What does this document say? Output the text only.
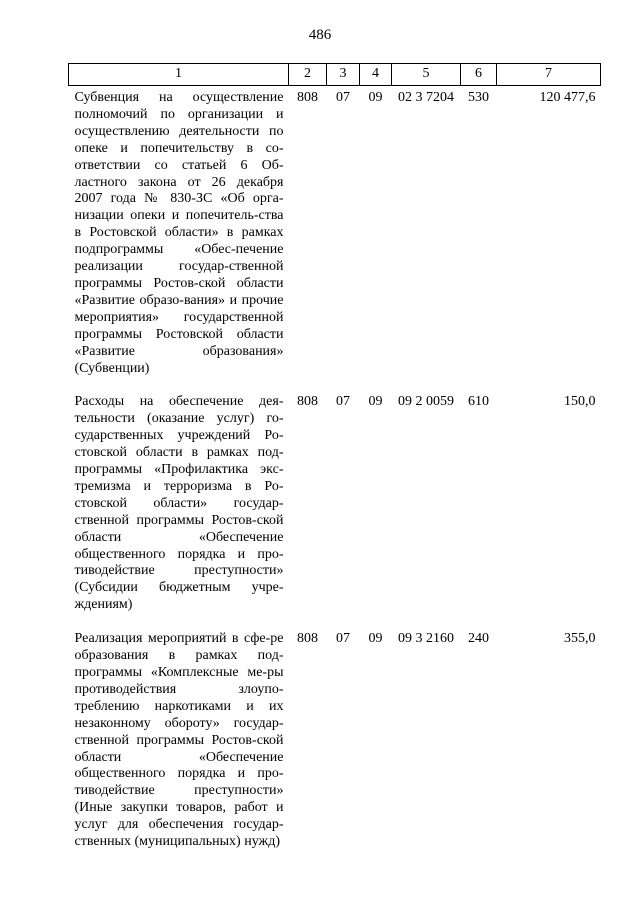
486
1	2	3	4	5	6	7
Субвенция на осуществление полномочий по организации и осуществлению деятельности по опеке и попечительству в со-ответствии со статьей 6 Об-ластного закона от 26 декабря 2007 года № 830-ЗС «Об орга-низации опеки и попечитель-ства в Ростовской области» в рамках подпрограммы «Обес-печение реализации государ-ственной программы Ростов-ской области «Развитие образо-вания» и прочие мероприятия» государственной программы Ростовской области «Развитие образования» (Субвенции)	808	07	09	02 3 7204	530	120 477,6
Расходы на обеспечение дея-тельности (оказание услуг) го-сударственных учреждений Ро-стовской области в рамках под-программы «Профилактика экс-тремизма и терроризма в Ро-стовской области» государ-ственной программы Ростов-ской области «Обеспечение общественного порядка и про-тиводействие преступности» (Субсидии бюджетным учре-ждениям)	808	07	09	09 2 0059	610	150,0
Реализация мероприятий в сфе-ре образования в рамках под-программы «Комплексные ме-ры противодействия злоупо-треблению наркотиками и их незаконному обороту» государ-ственной программы Ростов-ской области «Обеспечение общественного порядка и про-тиводействие преступности» (Иные закупки товаров, работ и услуг для обеспечения государ-ственных (муниципальных) нужд)	808	07	09	09 3 2160	240	355,0
